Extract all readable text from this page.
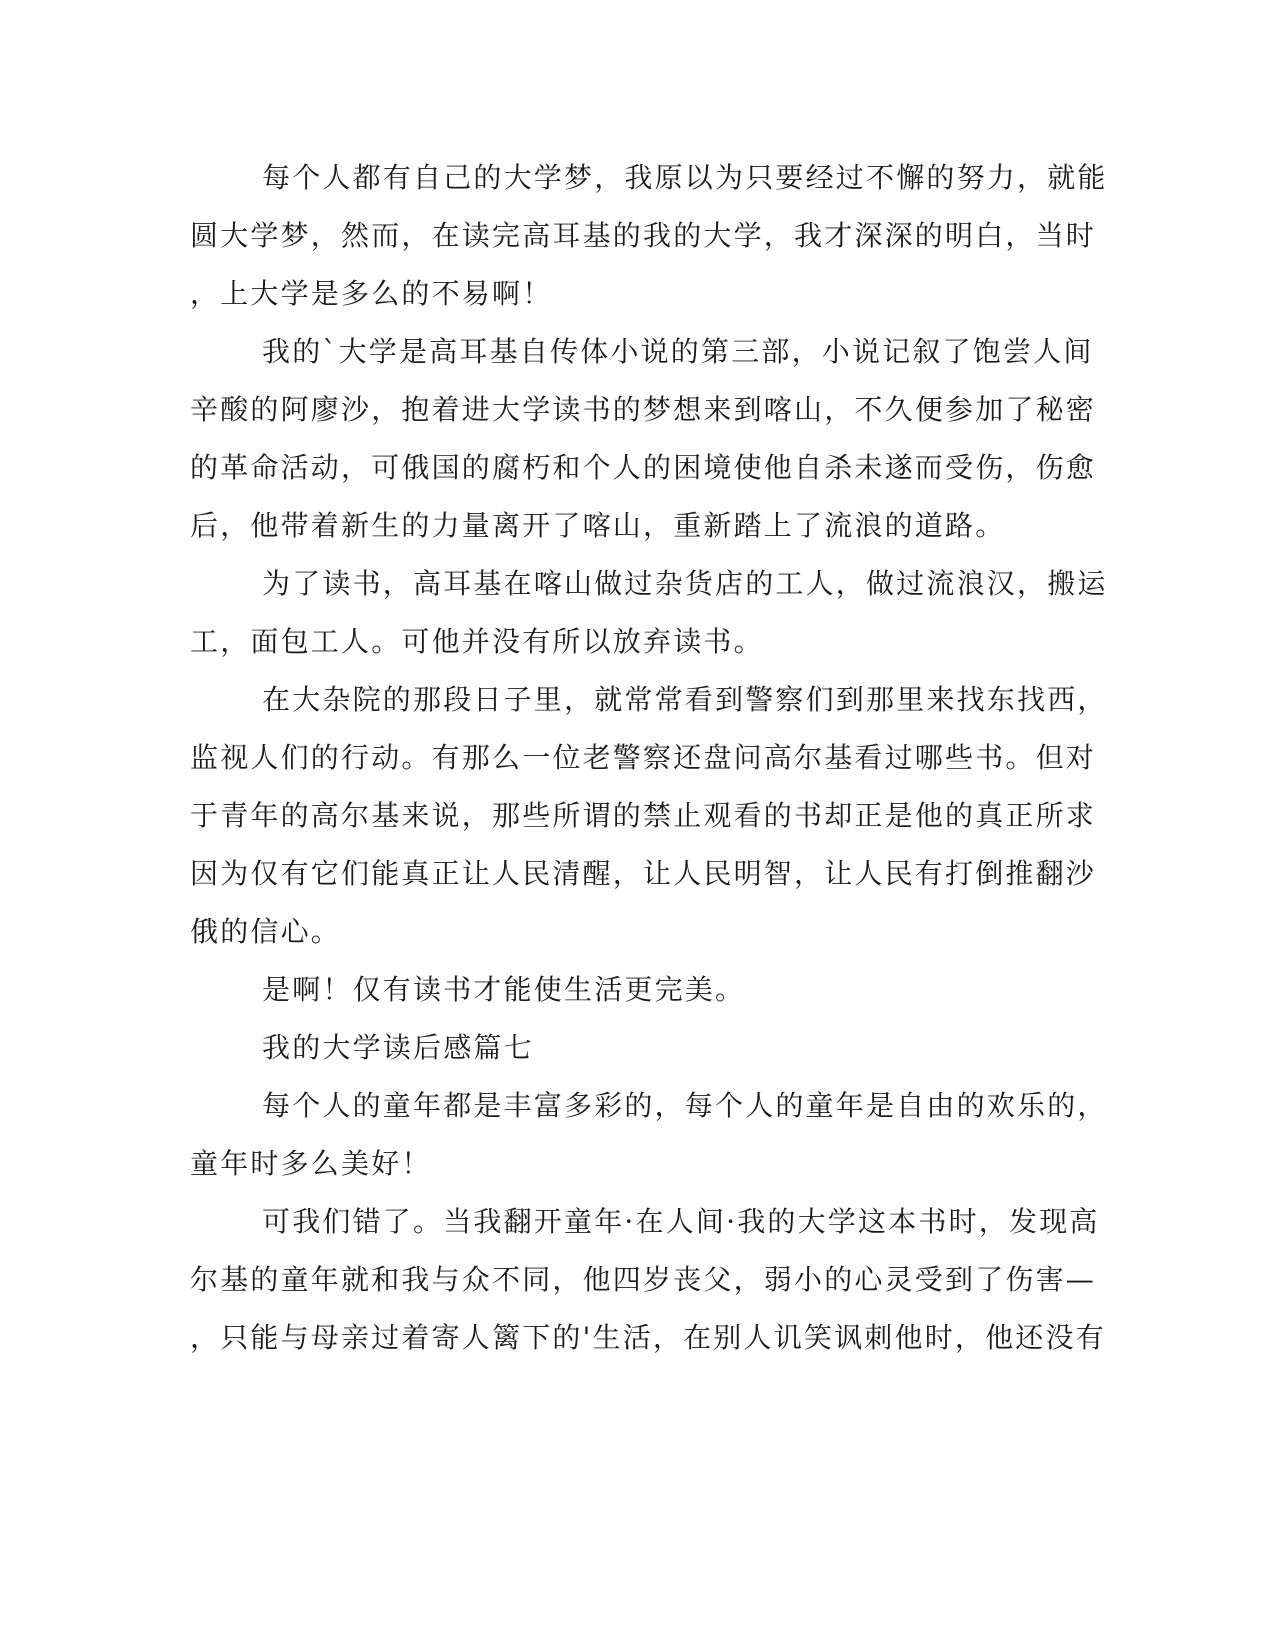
每个人都有自己的大学梦，我原以为只要经过不懈的努力，就能
圆大学梦，然而，在读完高耳基的我的大学，我才深深的明白，当时
，上大学是多么的不易啊！
我的`大学是高耳基自传体小说的第三部，小说记叙了饱尝人间
辛酸的阿廖沙，抱着进大学读书的梦想来到喀山，不久便参加了秘密
的革命活动，可俄国的腐朽和个人的困境使他自杀未遂而受伤，伤愈
后，他带着新生的力量离开了喀山，重新踏上了流浪的道路。
为了读书，高耳基在喀山做过杂货店的工人，做过流浪汉，搬运
工，面包工人。可他并没有所以放弃读书。
在大杂院的那段日子里，就常常看到警察们到那里来找东找西，
监视人们的行动。有那么一位老警察还盘问高尔基看过哪些书。但对
于青年的高尔基来说，那些所谓的禁止观看的书却正是他的真正所求
因为仅有它们能真正让人民清醒，让人民明智，让人民有打倒推翻沙
俄的信心。
是啊！仅有读书才能使生活更完美。
我的大学读后感篇七
每个人的童年都是丰富多彩的，每个人的童年是自由的欢乐的，
童年时多么美好！
可我们错了。当我翻开童年·在人间·我的大学这本书时，发现高
尔基的童年就和我与众不同，他四岁丧父，弱小的心灵受到了伤害—
，只能与母亲过着寄人篱下的'生活，在别人讥笑讽刺他时，他还没有
